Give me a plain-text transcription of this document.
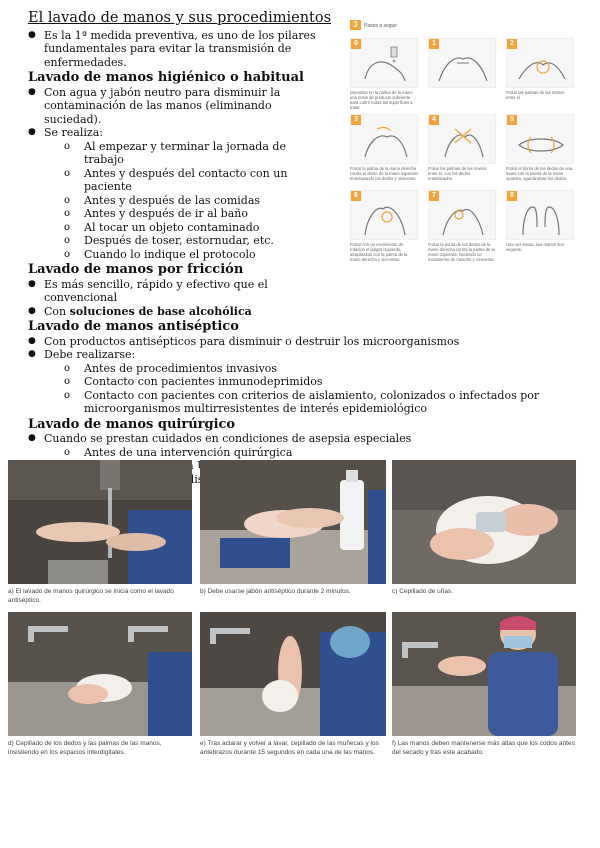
El lavado de manos y sus procedimientos
● Es la 1ª medida preventiva, es uno de los pilares fundamentales para evitar la transmisión de enfermedades.
Lavado de manos higiénico o habitual
● Con agua y jabón neutro para disminuir la contaminación de las manos (eliminando suciedad).
● Se realiza:
o Al empezar y terminar la jornada de trabajo
o Antes y después del contacto con un paciente
o Antes y después de las comidas
o Antes y después de ir al baño
o Al tocar un objeto contaminado
o Después de toser, estornudar, etc.
o Cuando lo indique el protocolo
Lavado de manos por fricción
● Es más sencillo, rápido y efectivo que el convencional
● Con soluciones de base alcohólica
Lavado de manos antiséptico
● Con productos antisépticos para disminuir o destruir los microorganismos
● Debe realizarse:
o Antes de procedimientos invasivos
o Contacto con pacientes inmunodeprimidos
o Contacto con pacientes con criterios de aislamiento, colonizados o infectados por microorganismos multirresistentes de interés epidemiológico
Lavado de manos quirúrgico
● Cuando se prestan cuidados en condiciones de asepsia especiales
o Antes de una intervención quirúrgica
o
o diálisis
●
3 Pasos a seguir
0
Depositar en la palma de la mano una dosis de producto suficiente para cubrir todas las superficies a tratar.
1	2
Frotar las palmas de las manos entre sí.
3
Frotar la palma de la mano derecha contra el dorso de la mano izquierda entrelazando los dedos y viceversa.
4
Frotar las palmas de las manos entre sí, con los dedos entrelazados.
5
Frotar el dorso de los dedos de una mano con la palma de la mano opuesta, agarrándose los dedos.
6
Frotar con un movimiento de rotación el pulgar izquierdo, atrapándolo con la palma de la mano derecha y viceversa.
7
Frotar la punta de los dedos de la mano derecha contra la palma de la mano izquierda, haciendo un movimiento de rotación y viceversa.
8
Una vez secas, sus manos son seguras.
a) El lavado de manos quirúrgico se inicia como el lavado antiséptico.
b) Debe usarse jabón antiséptico durante 2 minutos.	c) Cepillado de uñas.
d) Cepillado de los dedos y las palmas de las manos, insistiendo en los espacios interdigitales.
e) Tras aclarar y volver a lavar, cepillado de las muñecas y los antebrazos durante 15 segundos en cada una de las manos.
f) Las manos deben mantenerse más altas que los codos antes del secado y tras este acabado.
